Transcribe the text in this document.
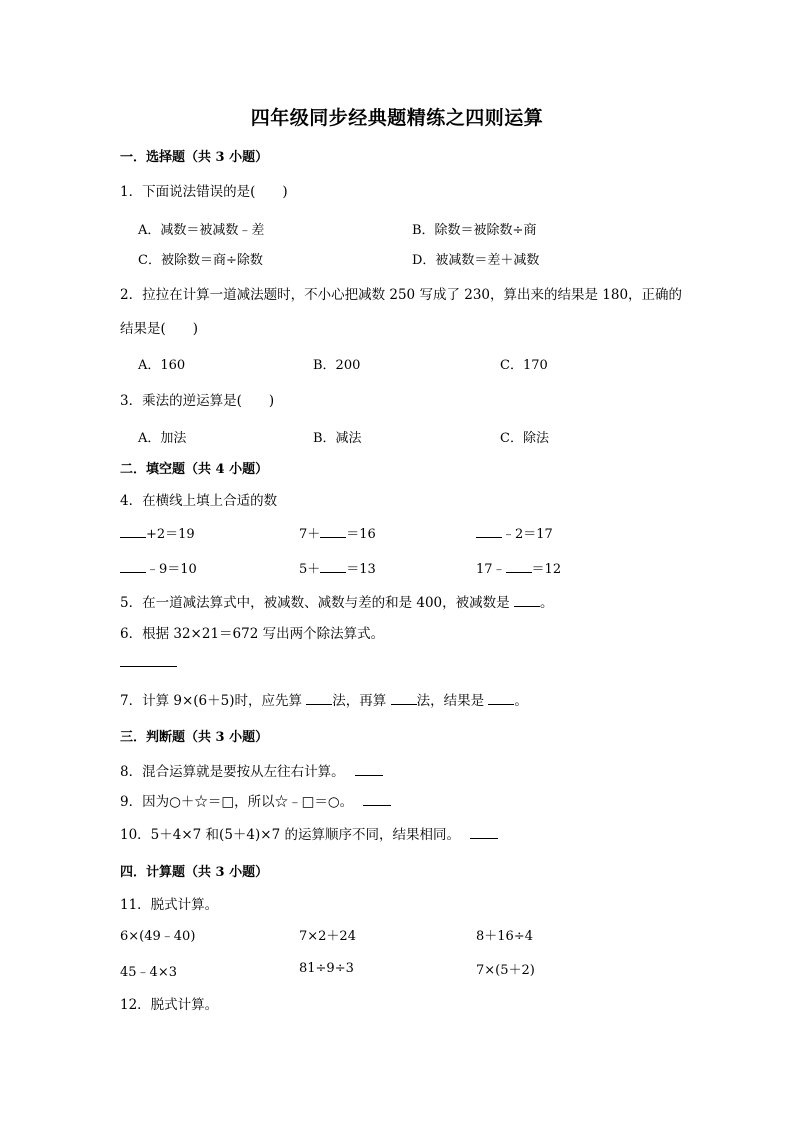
四年级同步经典题精练之四则运算
一．选择题（共 3 小题）
1．下面说法错误的是(　　)
A．减数＝被减数﹣差	B．除数＝被除数÷商
C．被除数＝商÷除数	D．被减数＝差＋减数
2．拉拉在计算一道减法题时，不小心把减数 250 写成了 230，算出来的结果是 180，正确的
结果是(　　)
A．160	B．200	C．170
3．乘法的逆运算是(　　)
A．加法	B．减法	C．除法
二．填空题（共 4 小题）
4．在横线上填上合适的数
+2＝19	7＋ ＝16	﹣2＝17
﹣9＝10	5＋ ＝13	17﹣ ＝12
5．在一道减法算式中，被减数、减数与差的和是 400，被减数是 。
6．根据 32×21＝672 写出两个除法算式。
7．计算 9×(6＋5)时，应先算 法，再算 法，结果是 。
三．判断题（共 3 小题）
8．混合运算就是要按从左往右计算。
9．因为○＋☆＝□，所以☆﹣□＝○。
10．5＋4×7 和(5＋4)×7 的运算顺序不同，结果相同。
四．计算题（共 3 小题）
11．脱式计算。
6×(49﹣40)	7×2＋24	8＋16÷4
45﹣4×3	81÷9÷3	7×(5＋2)
12．脱式计算。
